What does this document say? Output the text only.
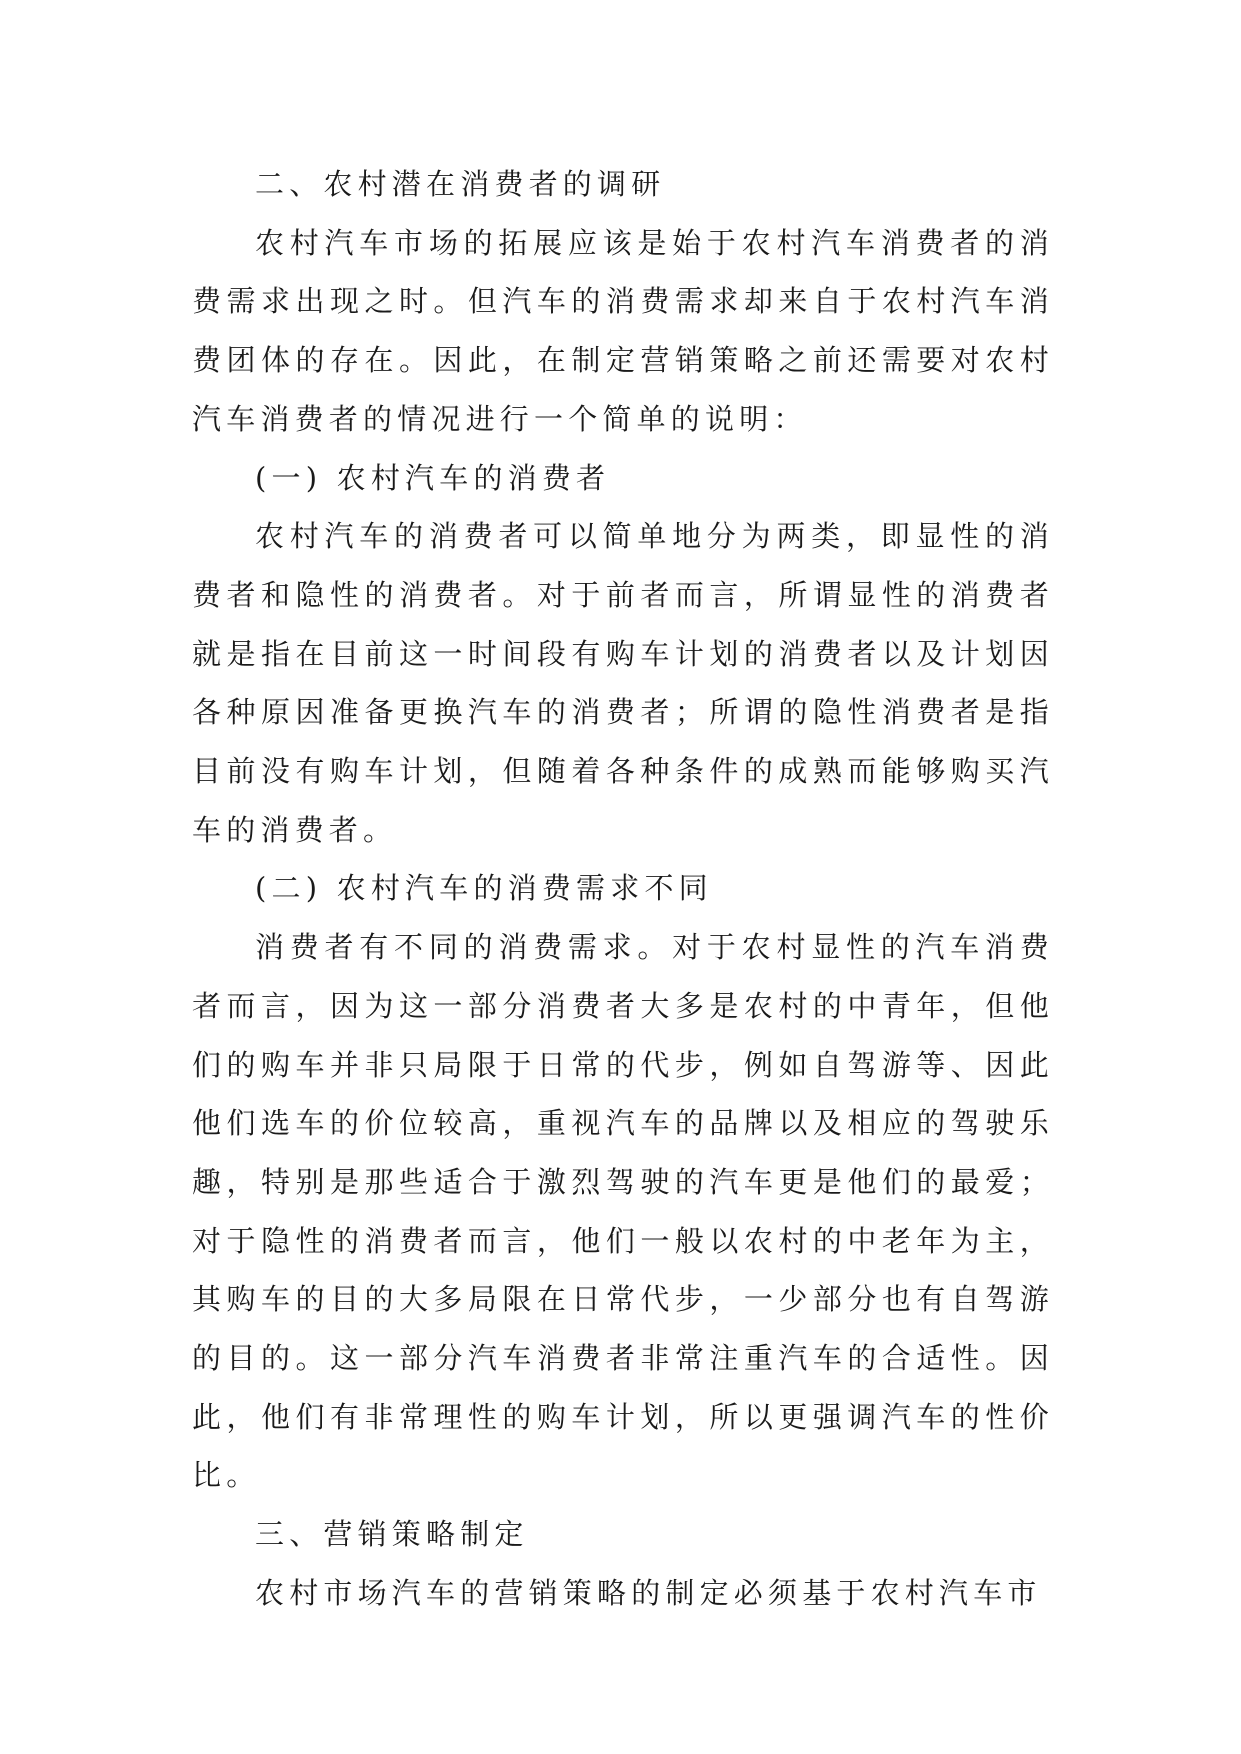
二、农村潜在消费者的调研

农村汽车市场的拓展应该是始于农村汽车消费者的消费需求出现之时。但汽车的消费需求却来自于农村汽车消费团体的存在。因此，在制定营销策略之前还需要对农村汽车消费者的情况进行一个简单的说明：

(一) 农村汽车的消费者

农村汽车的消费者可以简单地分为两类，即显性的消费者和隐性的消费者。对于前者而言，所谓显性的消费者就是指在目前这一时间段有购车计划的消费者以及计划因各种原因准备更换汽车的消费者；所谓的隐性消费者是指目前没有购车计划，但随着各种条件的成熟而能够购买汽车的消费者。

(二) 农村汽车的消费需求不同

消费者有不同的消费需求。对于农村显性的汽车消费者而言，因为这一部分消费者大多是农村的中青年，但他们的购车并非只局限于日常的代步，例如自驾游等、因此他们选车的价位较高，重视汽车的品牌以及相应的驾驶乐趣，特别是那些适合于激烈驾驶的汽车更是他们的最爱；对于隐性的消费者而言，他们一般以农村的中老年为主，其购车的目的大多局限在日常代步，一少部分也有自驾游的目的。这一部分汽车消费者非常注重汽车的合适性。因此，他们有非常理性的购车计划，所以更强调汽车的性价比。

三、营销策略制定

农村市场汽车的营销策略的制定必须基于农村汽车市
